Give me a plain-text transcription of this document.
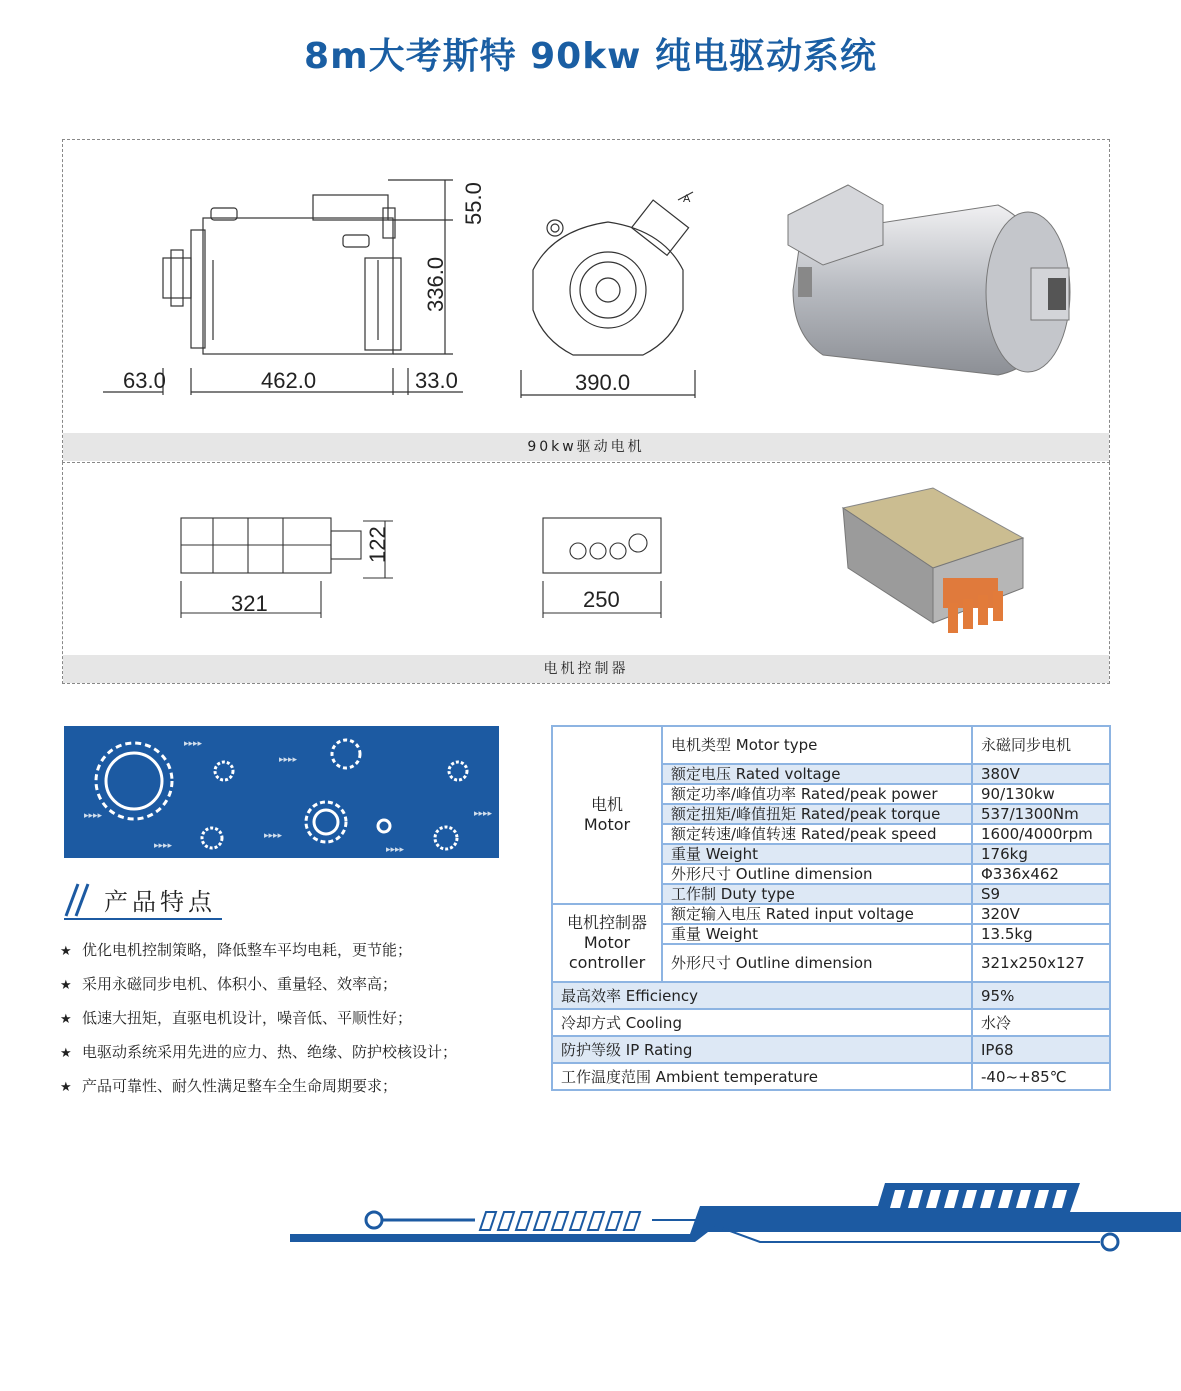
8m大考斯特 90kw 纯电驱动系统
63.0	462.0	33.0
55.0
336.0
A
390.0
90kw驱动电机
321
122
250
电机控制器
▸▸▸▸
▸▸▸▸
▸▸▸▸
▸▸▸▸
▸▸▸▸
▸▸▸▸	▸▸▸▸
产品特点
★ 优化电机控制策略，降低整车平均电耗，更节能；
★ 采用永磁同步电机、体积小、重量轻、效率高；
★ 低速大扭矩，直驱电机设计，噪音低、平顺性好；
★ 电驱动系统采用先进的应力、热、绝缘、防护校核设计；
★ 产品可靠性、耐久性满足整车全生命周期要求；
电机
Motor	电机类型 Motor type	永磁同步电机
	额定电压 Rated voltage	380V
	额定功率/峰值功率 Rated/peak power	90/130kw
	额定扭矩/峰值扭矩 Rated/peak torque	537/1300Nm
	额定转速/峰值转速 Rated/peak speed	1600/4000rpm
	重量 Weight	176kg
	外形尺寸 Outline dimension	Φ336x462
	工作制 Duty type	S9

电机控制器
Motor
controller	额定输入电压 Rated input voltage	320V
	重量 Weight	13.5kg
	外形尺寸 Outline dimension	321x250x127
最高效率 Efficiency		95%
冷却方式 Cooling		水冷
防护等级 IP Rating		IP68
工作温度范围 Ambient temperature		-40~+85℃
